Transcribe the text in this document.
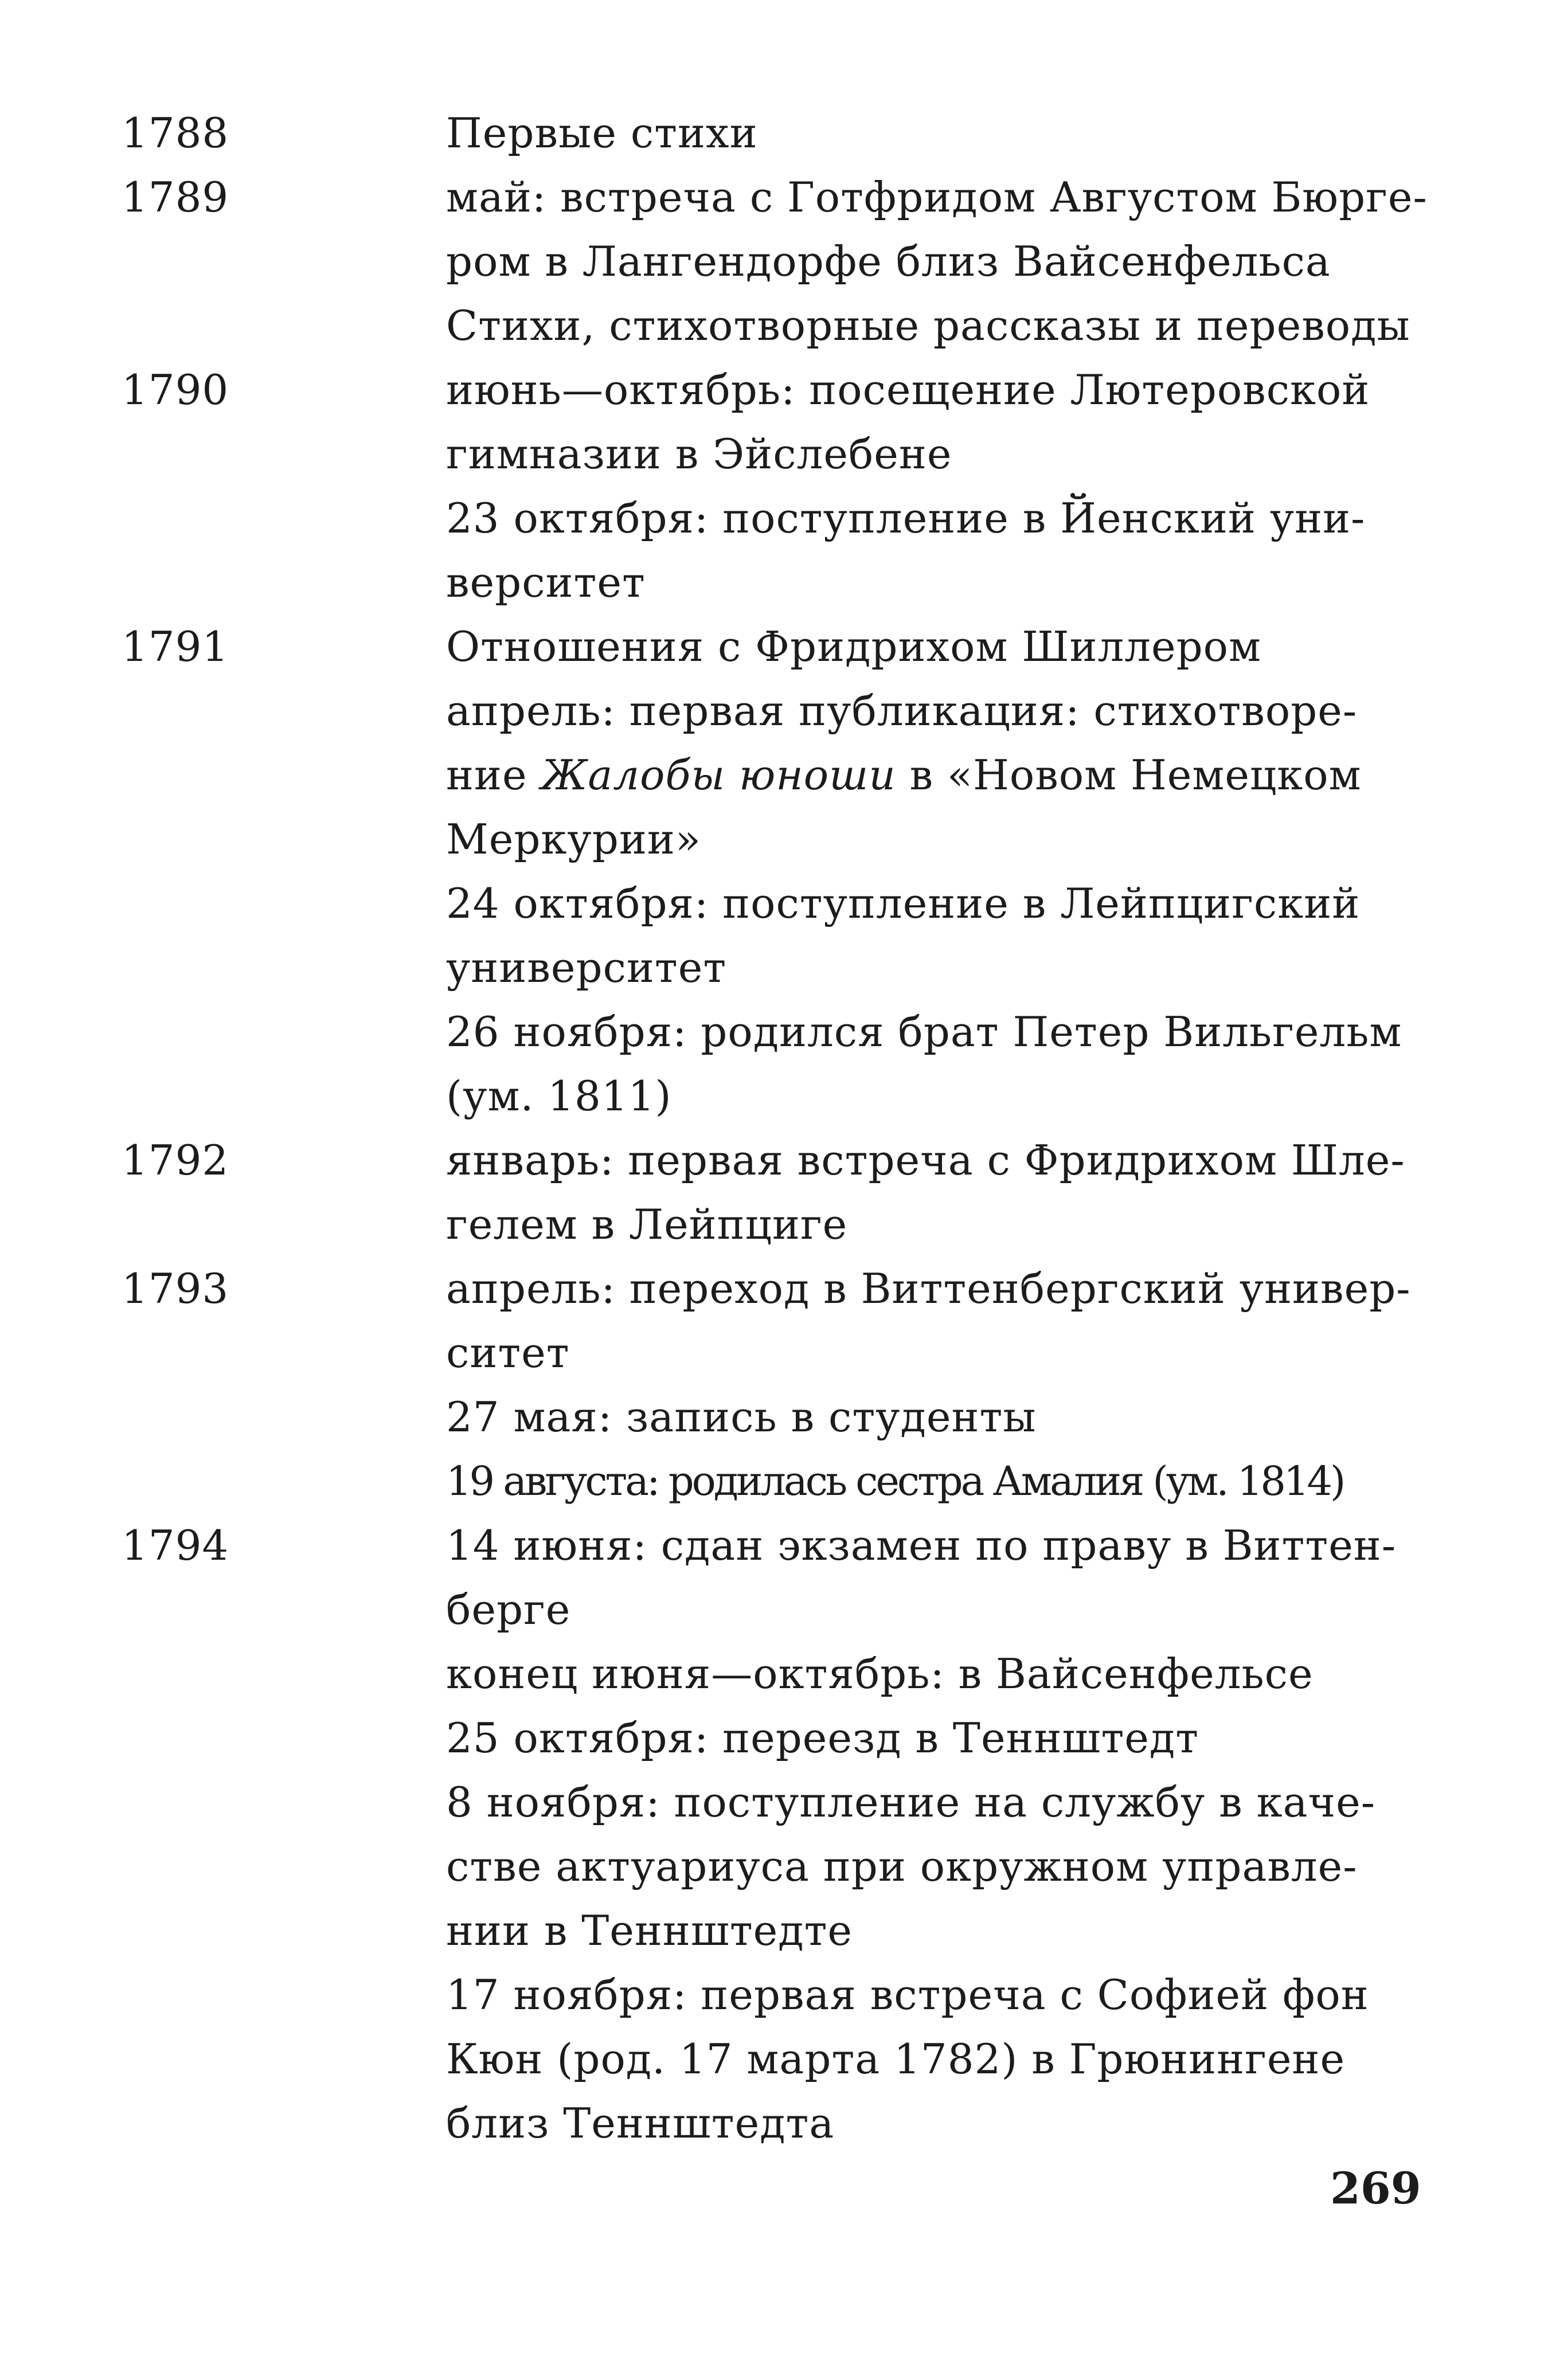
1788	Первые стихи
1789	май: встреча с Готфридом Августом Бюрге-
ром в Лангендорфе близ Вайсенфельса
Стихи, стихотворные рассказы и переводы
1790	июнь—октябрь: посещение Лютеровской
гимназии в Эйслебене
23 октября: поступление в Йенский уни-
верситет
1791	Отношения с Фридрихом Шиллером
апрель: первая публикация: стихотворе-
ние Жалобы юноши в «Новом Немецком
Меркурии»
24 октября: поступление в Лейпцигский
университет
26 ноября: родился брат Петер Вильгельм
(ум. 1811)
1792	январь: первая встреча с Фридрихом Шле-
гелем в Лейпциге
1793	апрель: переход в Виттенбергский универ-
ситет
27 мая: запись в студенты
19 августа: родилась сестра Амалия (ум. 1814)
1794	14 июня: сдан экзамен по праву в Виттен-
берге
конец июня—октябрь: в Вайсенфельсе
25 октября: переезд в Теннштедт
8 ноября: поступление на службу в каче-
стве актуариуса при окружном управле-
нии в Теннштедте
17 ноября: первая встреча с Софией фон
Кюн (род. 17 марта 1782) в Грюнингене
близ Теннштедта
269
